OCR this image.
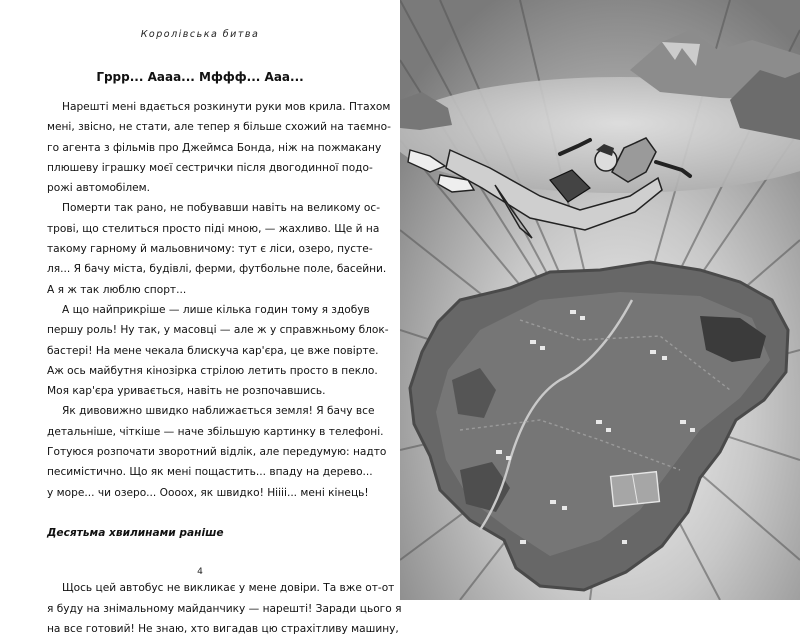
Королівська битва
Гррр... Аааа... Мффф... Ааа...

Нарешті мені вдається розкинути руки мов крила. Птахом
мені, звісно, не стати, але тепер я більше схожий на таємно-
го агента з фільмів про Джеймса Бонда, ніж на пожмакану
плюшеву іграшку моєї сестрички після двогодинної подо-
рожі автомобілем.

Померти так рано, не побувавши навіть на великому ос-
трові, що стелиться просто піді мною, — жахливо. Ще й на
такому гарному й мальовничому: тут є ліси, озеро, пусте-
ля... Я бачу міста, будівлі, ферми, футбольне поле, басейни.
А я ж так люблю спорт...

А що найприкріше — лише кілька годин тому я здобув
першу роль! Ну так, у масовці — але ж у справжньому блок-
бастері! На мене чекала блискуча кар'єра, це вже повірте.
Аж ось майбутня кінозірка стрілою летить просто в пекло.
Моя кар'єра уривається, навіть не розпочавшись.

Як дивовижно швидко наближається земля! Я бачу все
детальніше, чіткіше — наче збільшую картинку в телефоні.
Готуюся розпочати зворотний відлік, але передумую: надто
песимістично. Що як мені пощастить... впаду на дерево...
у море... чи озеро... Оооох, як швидко! Ніііі... мені кінець!

Десятьма хвилинами раніше

Щось цей автобус не викликає у мене довіри. Та вже от-от
я буду на знімальному майданчику — нарешті! Заради цього я
на все готовий! Не знаю, хто вигадав цю страхітливу машину,

4
